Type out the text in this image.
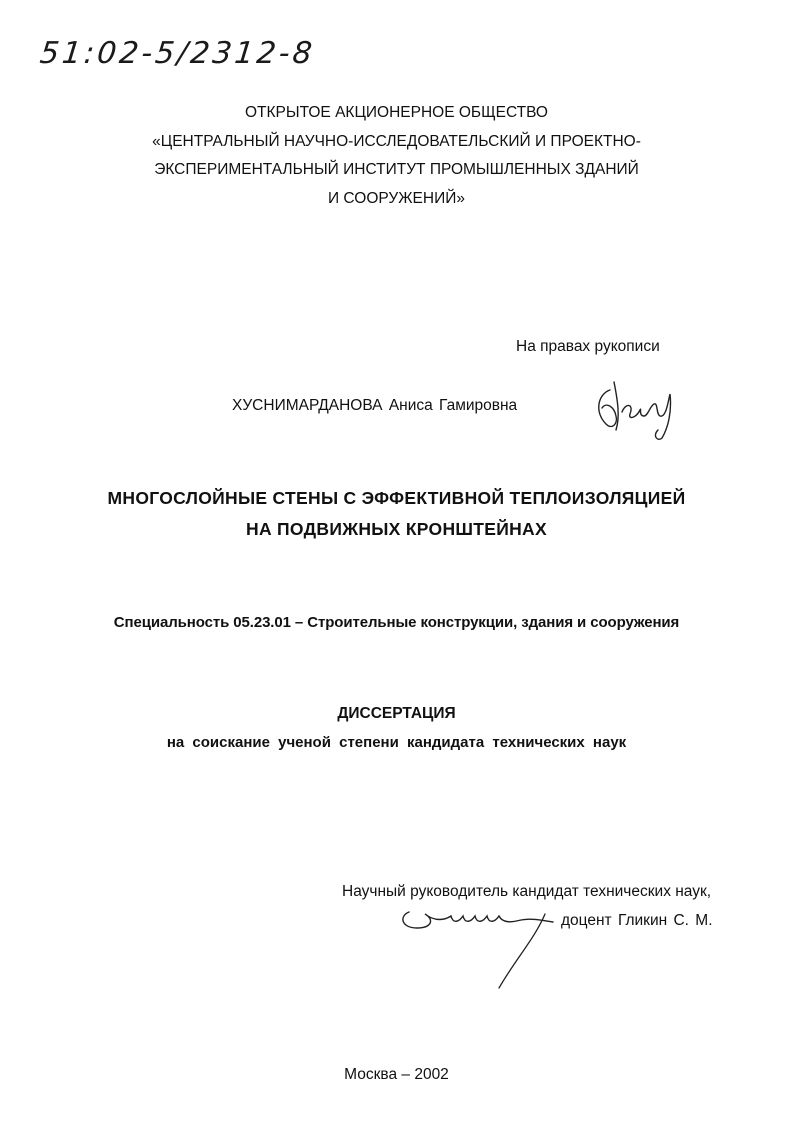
51:02-5/2312-8
ОТКРЫТОЕ АКЦИОНЕРНОЕ ОБЩЕСТВО
«ЦЕНТРАЛЬНЫЙ НАУЧНО-ИССЛЕДОВАТЕЛЬСКИЙ И ПРОЕКТНО-
ЭКСПЕРИМЕНТАЛЬНЫЙ ИНСТИТУТ ПРОМЫШЛЕННЫХ ЗДАНИЙ
И СООРУЖЕНИЙ»
На правах рукописи
ХУСНИМАРДАНОВА Аниса Гамировна
МНОГОСЛОЙНЫЕ СТЕНЫ С ЭФФЕКТИВНОЙ ТЕПЛОИЗОЛЯЦИЕЙ
НА ПОДВИЖНЫХ КРОНШТЕЙНАХ
Специальность 05.23.01 – Строительные конструкции, здания и сооружения
ДИССЕРТАЦИЯ
на соискание ученой степени кандидата технических наук
Научный руководитель кандидат технических наук,
доцент Гликин С. М.
Москва – 2002
